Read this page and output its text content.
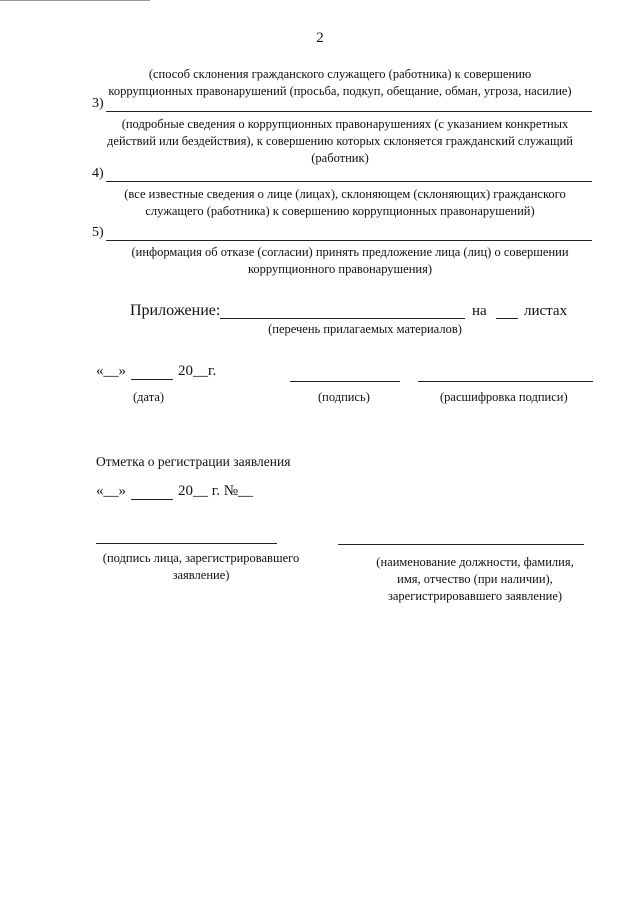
2
(способ склонения гражданского служащего (работника) к совершению
коррупционных правонарушений (просьба, подкуп, обещание, обман, угроза, насилие)
3)
(подробные сведения о коррупционных правонарушениях (с указанием конкретных
действий или бездействия), к совершению которых склоняется гражданский служащий
(работник)
4)
(все известные сведения о лице (лицах), склоняющем (склоняющих) гражданского
служащего (работника) к совершению коррупционных правонарушений)
5)
(информация об отказе (согласии) принять предложение лица (лиц) о совершении
коррупционного правонарушения)
Приложение:	на листах
(перечень прилагаемых материалов)
«__»	20__г.
(дата)	(подпись)	(расшифровка подписи)
Отметка о регистрации заявления
«__»	20__ г. №__
(подпись лица, зарегистрировавшего
заявление)
(наименование должности, фамилия,
имя, отчество (при наличии),
зарегистрировавшего заявление)
